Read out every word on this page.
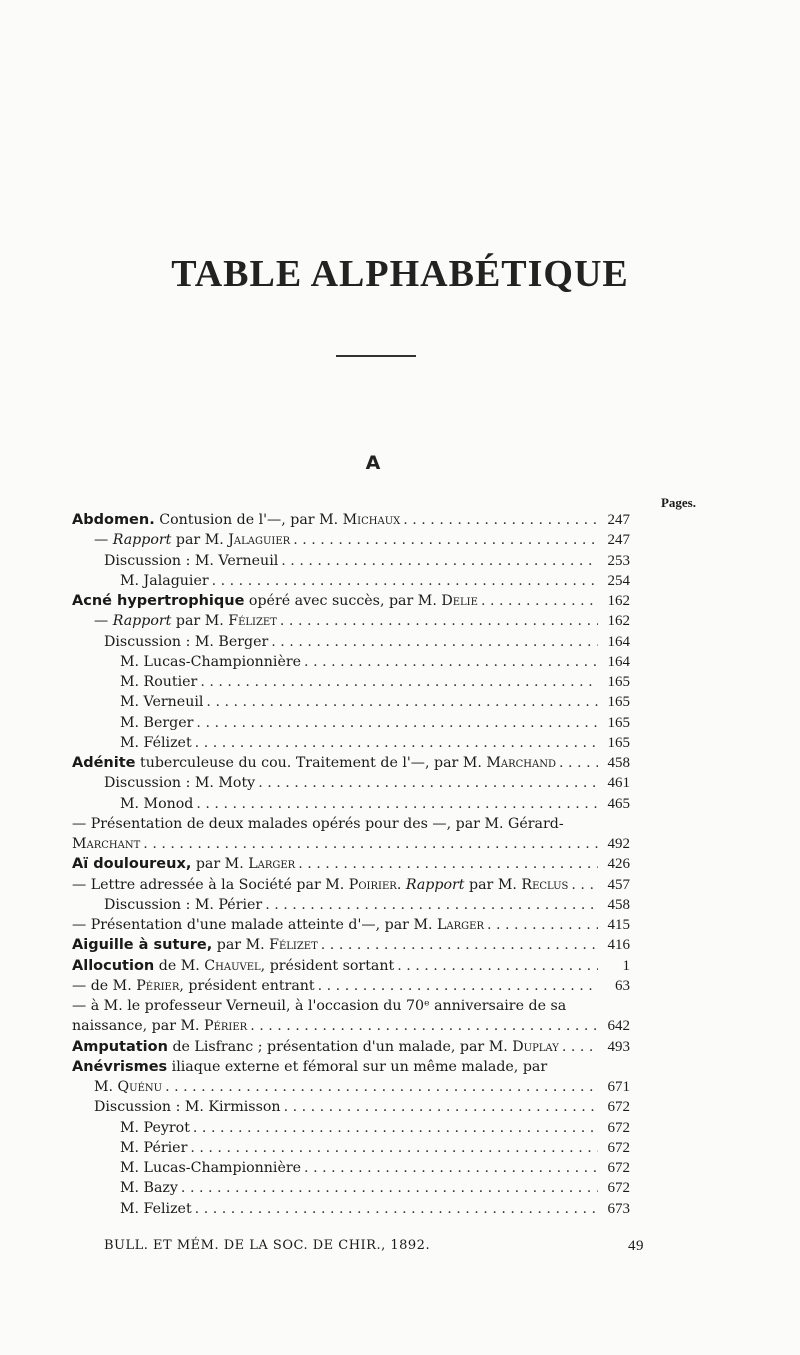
TABLE ALPHABÉTIQUE
A
Pages.
Abdomen. Contusion de l'—, par M. Michaux . . .	247
— Rapport par M. Jalaguier . . .	247
Discussion : M. Verneuil . . .	253
M. Jalaguier . . .	254
Acné hypertrophique opéré avec succès, par M. Delie . . .	162
— Rapport par M. Félizet . . .	162
Discussion : M. Berger . . .	164
M. Lucas-Championnière . . .	164
M. Routier . . .	165
M. Verneuil . . .	165
M. Berger . . .	165
M. Félizet . . .	165
Adénite tuberculeuse du cou. Traitement de l'—, par M. Marchand . . .	458
Discussion : M. Moty . . .	461
M. Monod . . .	465
— Présentation de deux malades opérés pour des —, par M. Gérard-
Marchant . . .	492
Aï douloureux, par M. Larger . . .	426
— Lettre adressée à la Société par M. Poirier. Rapport par M. Reclus . . .	457
Discussion : M. Périer . . .	458
— Présentation d'une malade atteinte d'—, par M. Larger . . .	415
Aiguille à suture, par M. Félizet . . .	416
Allocution de M. Chauvel, président sortant . . .	1
— de M. Périer, président entrant . . .	63
— à M. le professeur Verneuil, à l'occasion du 70ᵉ anniversaire de sa
naissance, par M. Périer . . .	642
Amputation de Lisfranc ; présentation d'un malade, par M. Duplay . . .	493
Anévrismes iliaque externe et fémoral sur un même malade, par
M. Quénu . . .	671
Discussion : M. Kirmisson . . .	672
M. Peyrot . . .	672
M. Périer . . .	672
M. Lucas-Championnière . . .	672
M. Bazy . . .	672
M. Felizet . . .	673
BULL. ET MÉM. DE LA SOC. DE CHIR., 1892.	49
